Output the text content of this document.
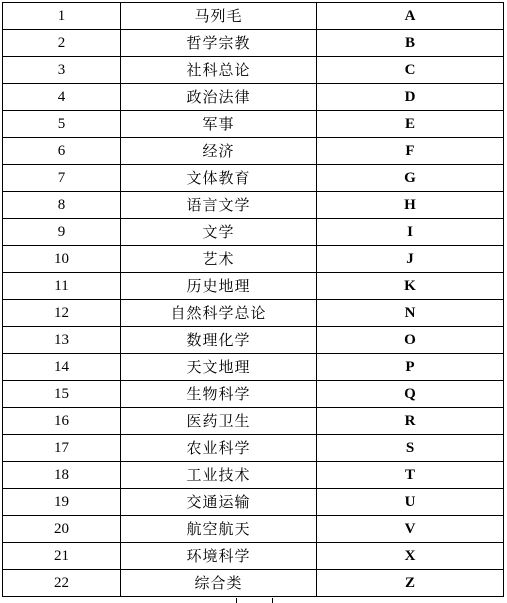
1	马列毛	A
2	哲学宗教	B
3	社科总论	C
4	政治法律	D
5	军事	E
6	经济	F
7	文体教育	G
8	语言文学	H
9	文学	I
10	艺术	J
11	历史地理	K
12	自然科学总论	N
13	数理化学	O
14	天文地理	P
15	生物科学	Q
16	医药卫生	R
17	农业科学	S
18	工业技术	T
19	交通运输	U
20	航空航天	V
21	环境科学	X
22	综合类	Z
